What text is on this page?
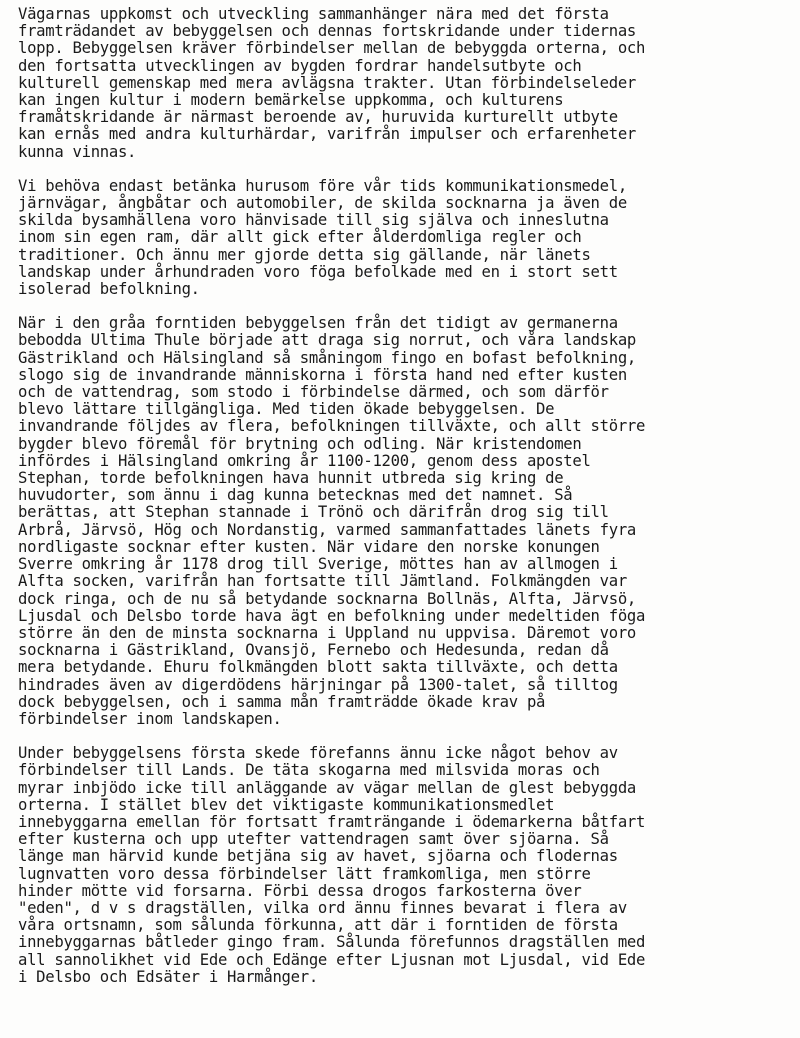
Vägarnas uppkomst och utveckling sammanhänger nära med det första
framträdandet av bebyggelsen och dennas fortskridande under tidernas
lopp. Bebyggelsen kräver förbindelser mellan de bebyggda orterna, och
den fortsatta utvecklingen av bygden fordrar handelsutbyte och
kulturell gemenskap med mera avlägsna trakter. Utan förbindelseleder
kan ingen kultur i modern bemärkelse uppkomma, och kulturens
framåtskridande är närmast beroende av, huruvida kurturellt utbyte
kan ernås med andra kulturhärdar, varifrån impulser och erfarenheter
kunna vinnas.

Vi behöva endast betänka hurusom före vår tids kommunikationsmedel,
järnvägar, ångbåtar och automobiler, de skilda socknarna ja även de
skilda bysamhällena voro hänvisade till sig själva och inneslutna
inom sin egen ram, där allt gick efter ålderdomliga regler och
traditioner. Och ännu mer gjorde detta sig gällande, när länets
landskap under århundraden voro föga befolkade med en i stort sett
isolerad befolkning.

När i den gråa forntiden bebyggelsen från det tidigt av germanerna
bebodda Ultima Thule började att draga sig norrut, och våra landskap
Gästrikland och Hälsingland så småningom fingo en bofast befolkning,
slogo sig de invandrande människorna i första hand ned efter kusten
och de vattendrag, som stodo i förbindelse därmed, och som därför
blevo lättare tillgängliga. Med tiden ökade bebyggelsen. De
invandrande följdes av flera, befolkningen tillväxte, och allt större
bygder blevo föremål för brytning och odling. När kristendomen
infördes i Hälsingland omkring år 1100-1200, genom dess apostel
Stephan, torde befolkningen hava hunnit utbreda sig kring de
huvudorter, som ännu i dag kunna betecknas med det namnet. Så
berättas, att Stephan stannade i Trönö och därifrån drog sig till
Arbrå, Järvsö, Hög och Nordanstig, varmed sammanfattades länets fyra
nordligaste socknar efter kusten. När vidare den norske konungen
Sverre omkring år 1178 drog till Sverige, möttes han av allmogen i
Alfta socken, varifrån han fortsatte till Jämtland. Folkmängden var
dock ringa, och de nu så betydande socknarna Bollnäs, Alfta, Järvsö,
Ljusdal och Delsbo torde hava ägt en befolkning under medeltiden föga
större än den de minsta socknarna i Uppland nu uppvisa. Däremot voro
socknarna i Gästrikland, Ovansjö, Fernebo och Hedesunda, redan då
mera betydande. Ehuru folkmängden blott sakta tillväxte, och detta
hindrades även av digerdödens härjningar på 1300-talet, så tilltog
dock bebyggelsen, och i samma mån framträdde ökade krav på
förbindelser inom landskapen.

Under bebyggelsens första skede förefanns ännu icke något behov av
förbindelser till Lands. De täta skogarna med milsvida moras och
myrar inbjödo icke till anläggande av vägar mellan de glest bebyggda
orterna. I stället blev det viktigaste kommunikationsmedlet
innebyggarna emellan för fortsatt framträngande i ödemarkerna båtfart
efter kusterna och upp utefter vattendragen samt över sjöarna. Så
länge man härvid kunde betjäna sig av havet, sjöarna och flodernas
lugnvatten voro dessa förbindelser lätt framkomliga, men större
hinder mötte vid forsarna. Förbi dessa drogos farkosterna över
"eden", d v s dragställen, vilka ord ännu finnes bevarat i flera av
våra ortsnamn, som sålunda förkunna, att där i forntiden de första
innebyggarnas båtleder gingo fram. Sålunda förefunnos dragställen med
all sannolikhet vid Ede och Edänge efter Ljusnan mot Ljusdal, vid Ede
i Delsbo och Edsäter i Harmånger.
